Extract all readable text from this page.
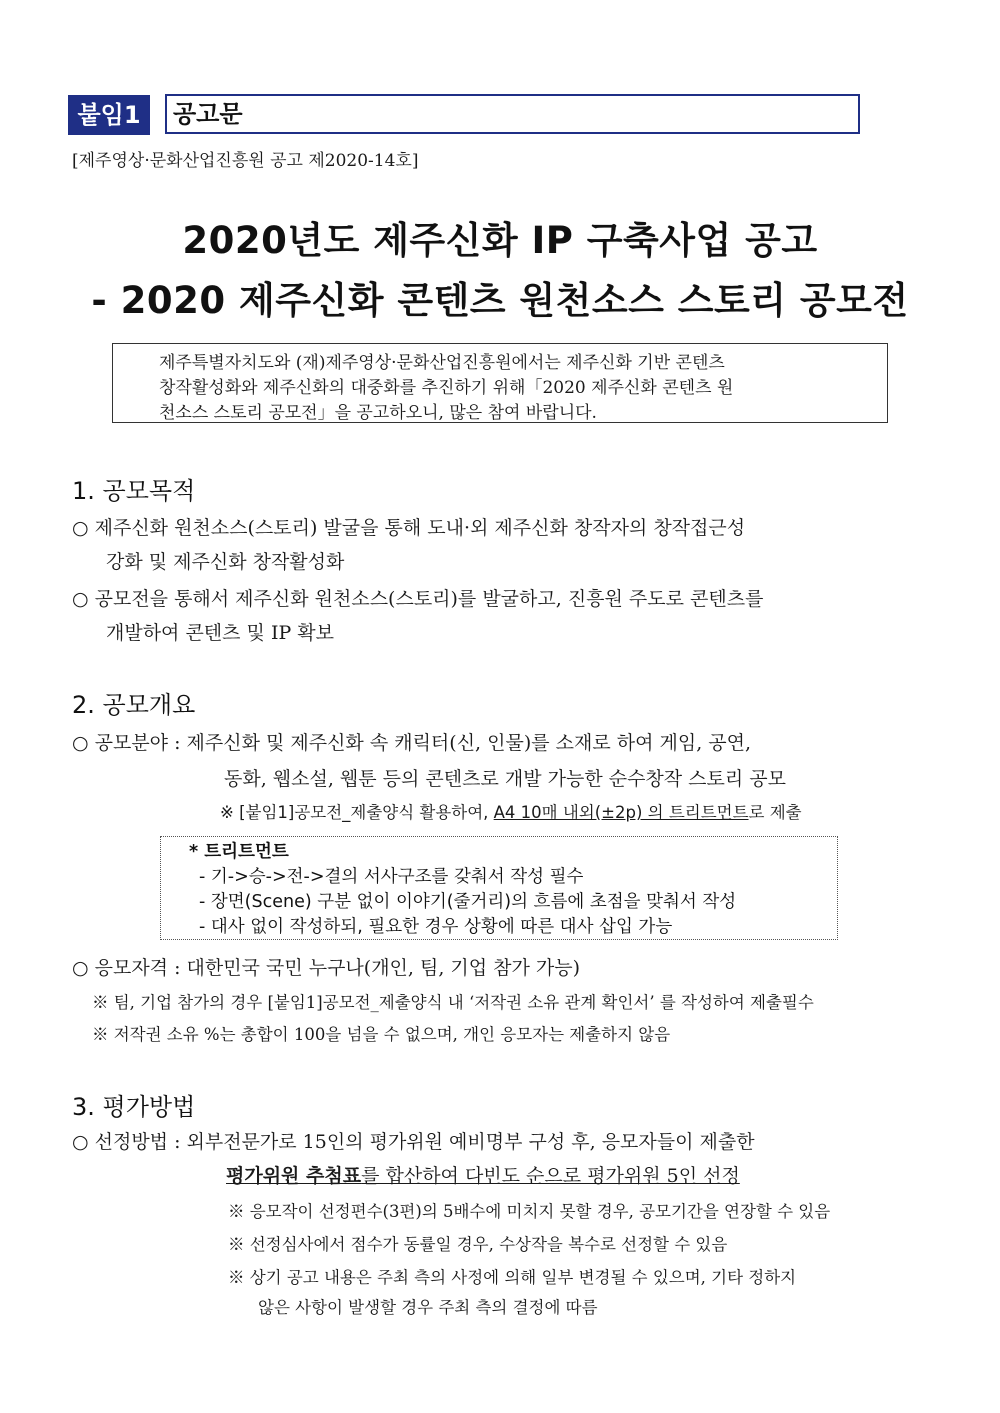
붙임1	공고문
[제주영상·문화산업진흥원 공고 제2020-14호]
2020년도 제주신화 IP 구축사업 공고
- 2020 제주신화 콘텐츠 원천소스 스토리 공모전
제주특별자치도와 (재)제주영상·문화산업진흥원에서는 제주신화 기반 콘텐츠
창작활성화와 제주신화의 대중화를 추진하기 위해「2020 제주신화 콘텐츠 원
천소스 스토리 공모전」을 공고하오니, 많은 참여 바랍니다.
1. 공모목적
○ 제주신화 원천소스(스토리) 발굴을 통해 도내·외 제주신화 창작자의 창작접근성
강화 및 제주신화 창작활성화
○ 공모전을 통해서 제주신화 원천소스(스토리)를 발굴하고, 진흥원 주도로 콘텐츠를
개발하여 콘텐츠 및 IP 확보
2. 공모개요
○ 공모분야 : 제주신화 및 제주신화 속 캐릭터(신, 인물)를 소재로 하여 게임, 공연,
동화, 웹소설, 웹툰 등의 콘텐츠로 개발 가능한 순수창작 스토리 공모
※ [붙임1]공모전_제출양식 활용하여, A4 10매 내외(±2p) 의 트리트먼트로 제출
* 트리트먼트
- 기->승->전->결의 서사구조를 갖춰서 작성 필수
- 장면(Scene) 구분 없이 이야기(줄거리)의 흐름에 초점을 맞춰서 작성
- 대사 없이 작성하되, 필요한 경우 상황에 따른 대사 삽입 가능
○ 응모자격 : 대한민국 국민 누구나(개인, 팀, 기업 참가 가능)
※ 팀, 기업 참가의 경우 [붙임1]공모전_제출양식 내 ‘저작권 소유 관계 확인서’ 를 작성하여 제출필수
※ 저작권 소유 %는 총합이 100을 넘을 수 없으며, 개인 응모자는 제출하지 않음
3. 평가방법
○ 선정방법 : 외부전문가로 15인의 평가위원 예비명부 구성 후, 응모자들이 제출한
평가위원 추첨표를 합산하여 다빈도 순으로 평가위원 5인 선정
※ 응모작이 선정편수(3편)의 5배수에 미치지 못할 경우, 공모기간을 연장할 수 있음
※ 선정심사에서 점수가 동률일 경우, 수상작을 복수로 선정할 수 있음
※ 상기 공고 내용은 주최 측의 사정에 의해 일부 변경될 수 있으며, 기타 정하지
않은 사항이 발생할 경우 주최 측의 결정에 따름
